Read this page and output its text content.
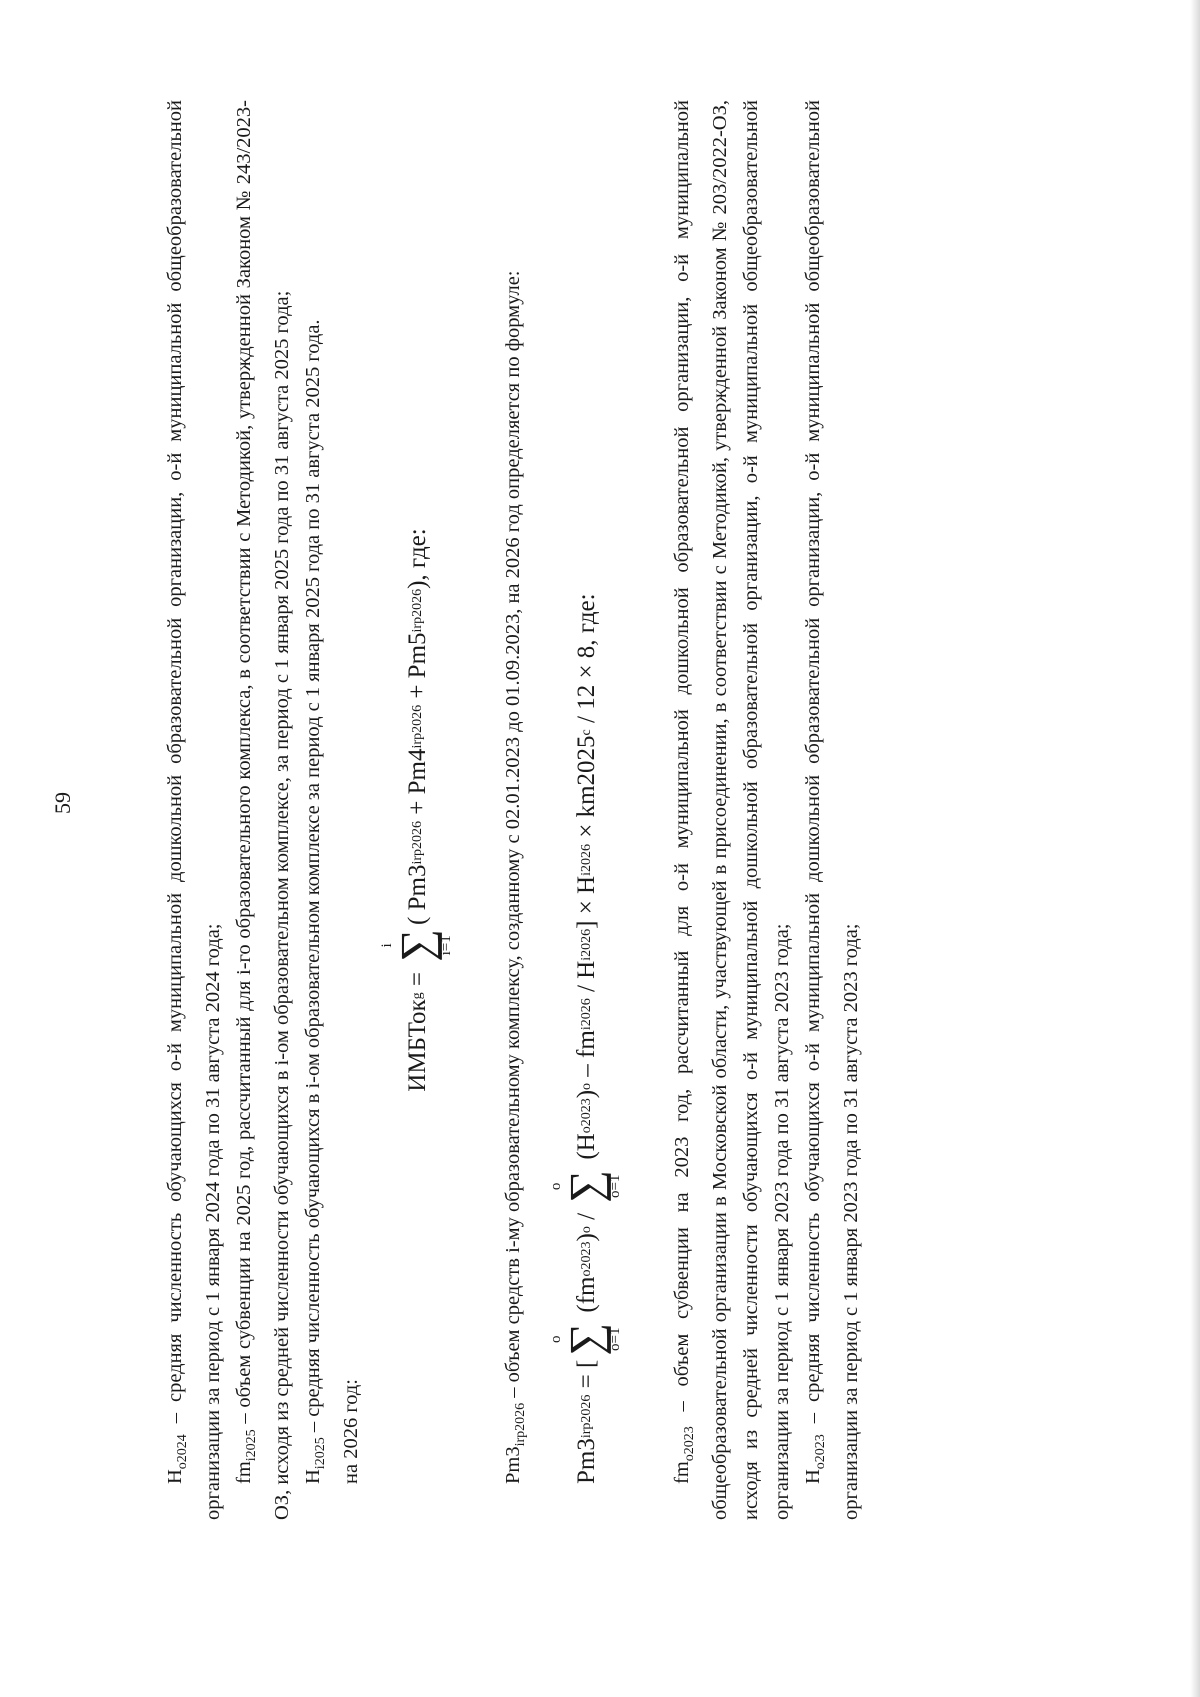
59

$H_{o2024}$ – средняя численность обучающихся о-й муниципальной дошкольной образовательной организации, о-й муниципальной общеобразовательной организации за период с 1 января 2024 года по 31 августа 2024 года; $fm_{i2025}$ – объем субвенции на 2025 год, рассчитанный для i-го образовательного комплекса, в соответствии с Методикой, утвержденной Законом № 243/2023-ОЗ, исходя из средней численности обучающихся в i-ом образовательном комплексе, за период с 1 января 2025 года по 31 августа 2025 года; $H_{i2025}$ – средняя численность обучающихся в i-ом образовательном комплексе за период с 1 января 2025 года по 31 августа 2025 года. на 2026 год:

ИМБТок
g
=
i
∑
i=1
(
Pm3
irp2026
+
Pm4
irp2026
+
Pm5
irp2026
), где:

$Pm3_{irp2026}$ – объем средств i-му образовательному комплексу, созданному с 02.01.2023 до 01.09.2023, на 2026 год определяется по формуле:

Pm3
irp2026
= [
o
∑
o=1
(fm
o2023
)
o
/
o
∑
o=1
(H
o2023
)
o
– fm
i2026
/ H
i2026
] × H
i2026
× km2025
c
/ 12 × 8, где:

$fm_{o2023}$ – объем субвенции на 2023 год, рассчитанный для о-й муниципальной дошкольной образовательной организации, о-й муниципальной общеобразовательной организации в Московской области, участвующей в присоединении, в соответствии с Методикой, утвержденной Законом № 203/2022-ОЗ, исходя из средней численности обучающихся о-й муниципальной дошкольной образовательной организации, о-й муниципальной общеобразовательной организации за период с 1 января 2023 года по 31 августа 2023 года; $H_{o2023}$ – средняя численность обучающихся о-й муниципальной дошкольной образовательной организации, о-й муниципальной общеобразовательной организации за период с 1 января 2023 года по 31 августа 2023 года;
